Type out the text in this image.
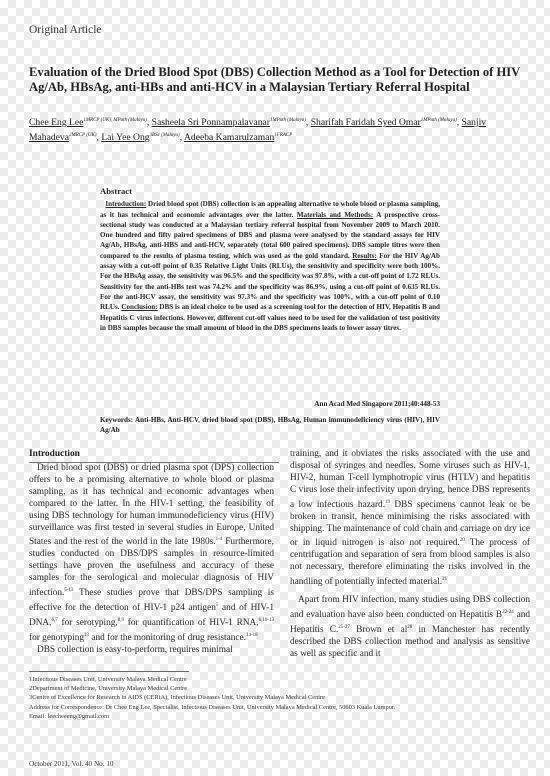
Original Article
Evaluation of the Dried Blood Spot (DBS) Collection Method as a Tool for Detection of HIV Ag/Ab, HBsAg, anti-HBs and anti-HCV in a Malaysian Tertiary Referral Hospital
Chee Eng Lee$^{1MRCP (UK), MPath (Malaya)}$, Sasheela Sri Ponnampalavanar$^{1MPath (Malaya)}$, Sharifah Faridah Syed Omar$^{1MPath (Malaya)}$, Sanjiv Mahadeva$^{2MRCP (UK)}$, Lai Yee Ong$^{3BSc (Malaya)}$, Adeeba Kamarulzaman$^{1FRACP}$
Abstract
Introduction: Dried blood spot (DBS) collection is an appealing alternative to whole blood or plasma sampling, as it has technical and economic advantages over the latter. Materials and Methods: A prospective cross-sectional study was conducted at a Malaysian tertiary referral hospital from November 2009 to March 2010. One hundred and fifty paired specimens of DBS and plasma were analysed by the standard assays for HIV Ag/Ab, HBsAg, anti-HBS and anti-HCV, separately (total 600 paired specimens). DBS sample titres were then compared to the results of plasma testing, which was used as the gold standard. Results: For the HIV Ag/Ab assay with a cut-off point of 0.35 Relative Light Units (RLUs), the sensitivity and specificity were both 100%. For the HBsAg assay, the sensitivity was 96.5% and the specificity was 97.8%, with a cut-off point of 1.72 RLUs. Sensitivity for the anti-HBs test was 74.2% and the specificity was 86.9%, using a cut-off point of 0.635 RLUs. For the anti-HCV assay, the sensitivity was 97.3% and the specificity was 100%, with a cut-off point of 0.10 RLUs. Conclusion: DBS is an ideal choice to be used as a screening tool for the detection of HIV, Hepatitis B and Hepatitis C virus infections. However, different cut-off values need to be used for the validation of test positivity in DBS samples because the small amount of blood in the DBS specimens leads to lower assay titres.
Ann Acad Med Singapore 2011;40:448-53
Keywords: Anti-HBs, Anti-HCV, dried blood spot (DBS), HBsAg, Human immunodeficiency virus (HIV), HIV Ag/Ab
Introduction

Dried blood spot (DBS) or dried plasma spot (DPS) collection offers to be a promising alternative to whole blood or plasma sampling, as it has technical and economic advantages when compared to the latter. In the HIV-1 setting, the feasibility of using DBS technology for human immunodeficiency virus (HIV) surveillance was first tested in several studies in Europe, United States and the rest of the world in the late 1980s.$^{1-4}$ Furthermore, studies conducted on DBS/DPS samples in resource-limited settings have proven the usefulness and accuracy of these samples for the serological and molecular diagnosis of HIV infection.$^{5-13}$ These studies prove that DBS/DPS sampling is effective for the detection of HIV-1 p24 antigen$^5$ and of HIV-1 DNA,$^{6,7}$ for serotyping,$^{8,9}$ for quantification of HIV-1 RNA,$^{6,10-13}$ for genotyping$^{13}$ and for the monitoring of drug resistance.$^{14-18}$

DBS collection is easy-to-perform, requires minimal

training, and it obviates the risks associated with the use and disposal of syringes and needles. Some viruses such as HIV-1, HIV-2, human T-cell lymphotropic virus (HTLV) and hepatitis C virus lose their infectivity upon drying, hence DBS represents a low infectious hazard.$^{19}$ DBS specimens cannot leak or be broken in transit, hence minimising the risks associated with shipping. The maintenance of cold chain and carriage on dry ice or in liquid nitrogen is also not required.$^{20}$ The process of centrifugation and separation of sera from blood samples is also not necessary, therefore eliminating the risks involved in the handling of potentially infected material.$^{21}$

Apart from HIV infection, many studies using DBS collection and evaluation have also been conducted on Hepatitis $B^{22-24}$ and Hepatitis C.$^{25-27}$ Brown et $al^{28}$ in Manchester has recently described the DBS collection method and analysis as sensitive as well as specific and it

1Infectious Diseases Unit, University Malaya Medical Centre
2Department of Medicine, University Malaya Medical Centre
3Centre of Excellence for Research in AIDS (CERiA), Infectious Diseases Unit, University Malaya Medical Centre
Address for Correspondence: Dr Chee Eng Lee, Specialist, Infectious Diseases Unit, University Malaya Medical Centre, 50603 Kuala Lumpur.
Email: leecheeeng@gmail.com
October 2011, Vol. 40 No. 10
